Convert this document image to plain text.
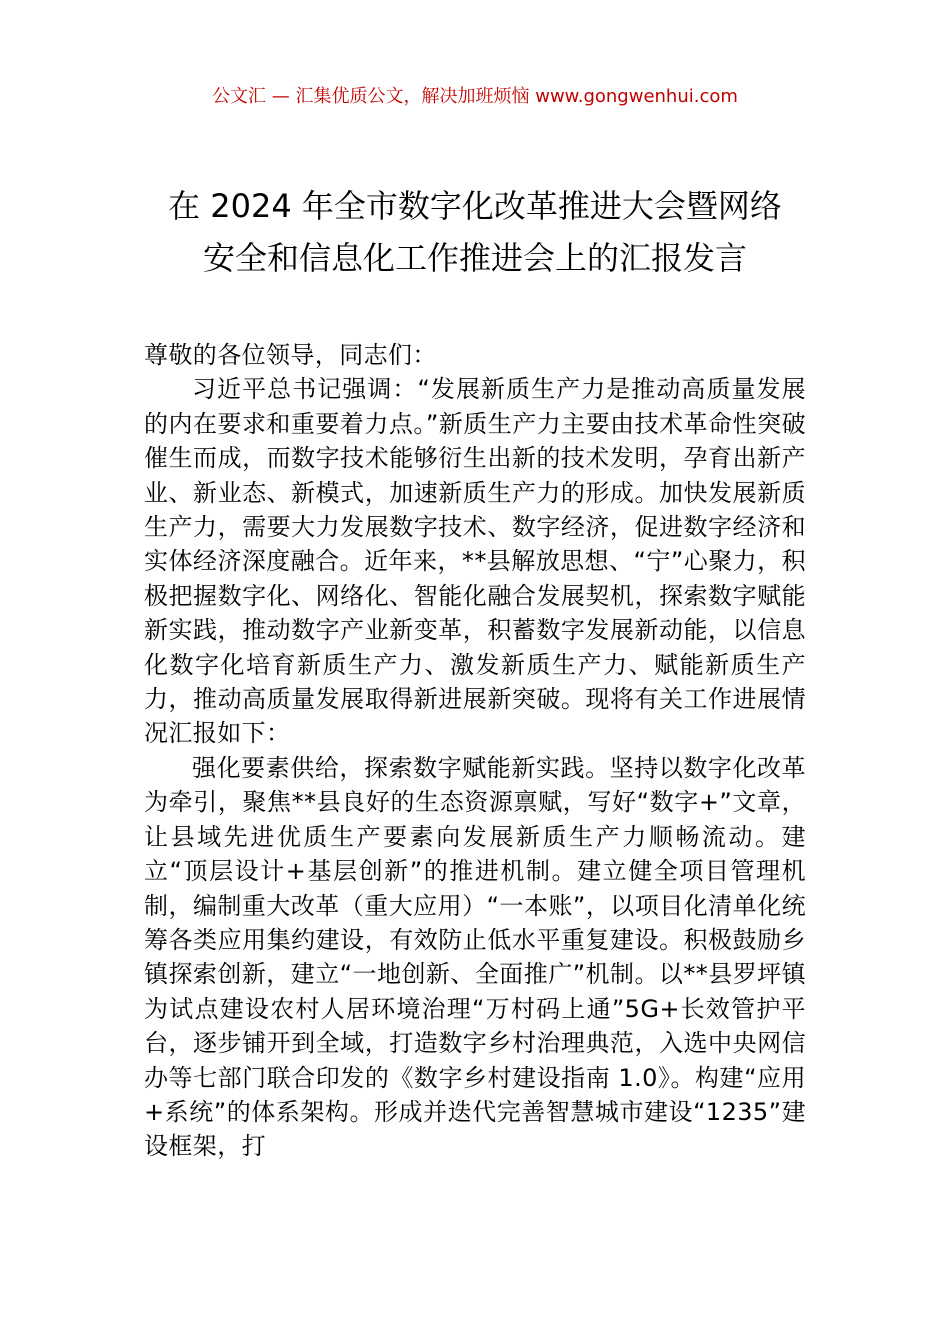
公文汇 — 汇集优质公文，解决加班烦恼 www.gongwenhui.com
在 2024 年全市数字化改革推进大会暨网络
安全和信息化工作推进会上的汇报发言

尊敬的各位领导，同志们：

习近平总书记强调：“发展新质生产力是推动高质量发展的内在要求和重要着力点。”新质生产力主要由技术革命性突破催生而成，而数字技术能够衍生出新的技术发明，孕育出新产业、新业态、新模式，加速新质生产力的形成。加快发展新质生产力，需要大力发展数字技术、数字经济，促进数字经济和实体经济深度融合。近年来，**县解放思想、“宁”心聚力，积极把握数字化、网络化、智能化融合发展契机，探索数字赋能新实践，推动数字产业新变革，积蓄数字发展新动能，以信息化数字化培育新质生产力、激发新质生产力、赋能新质生产力，推动高质量发展取得新进展新突破。现将有关工作进展情况汇报如下：

强化要素供给，探索数字赋能新实践。坚持以数字化改革为牵引，聚焦**县良好的生态资源禀赋，写好“数字+”文章，让县域先进优质生产要素向发展新质生产力顺畅流动。建立“顶层设计+基层创新”的推进机制。建立健全项目管理机制，编制重大改革（重大应用）“一本账”，以项目化清单化统筹各类应用集约建设，有效防止低水平重复建设。积极鼓励乡镇探索创新，建立“一地创新、全面推广”机制。以**县罗坪镇为试点建设农村人居环境治理“万村码上通”5G+长效管护平台，逐步铺开到全域，打造数字乡村治理典范，入选中央网信办等七部门联合印发的《数字乡村建设指南 1.0》。构建“应用+系统”的体系架构。形成并迭代完善智慧城市建设“1235”建设框架，打
